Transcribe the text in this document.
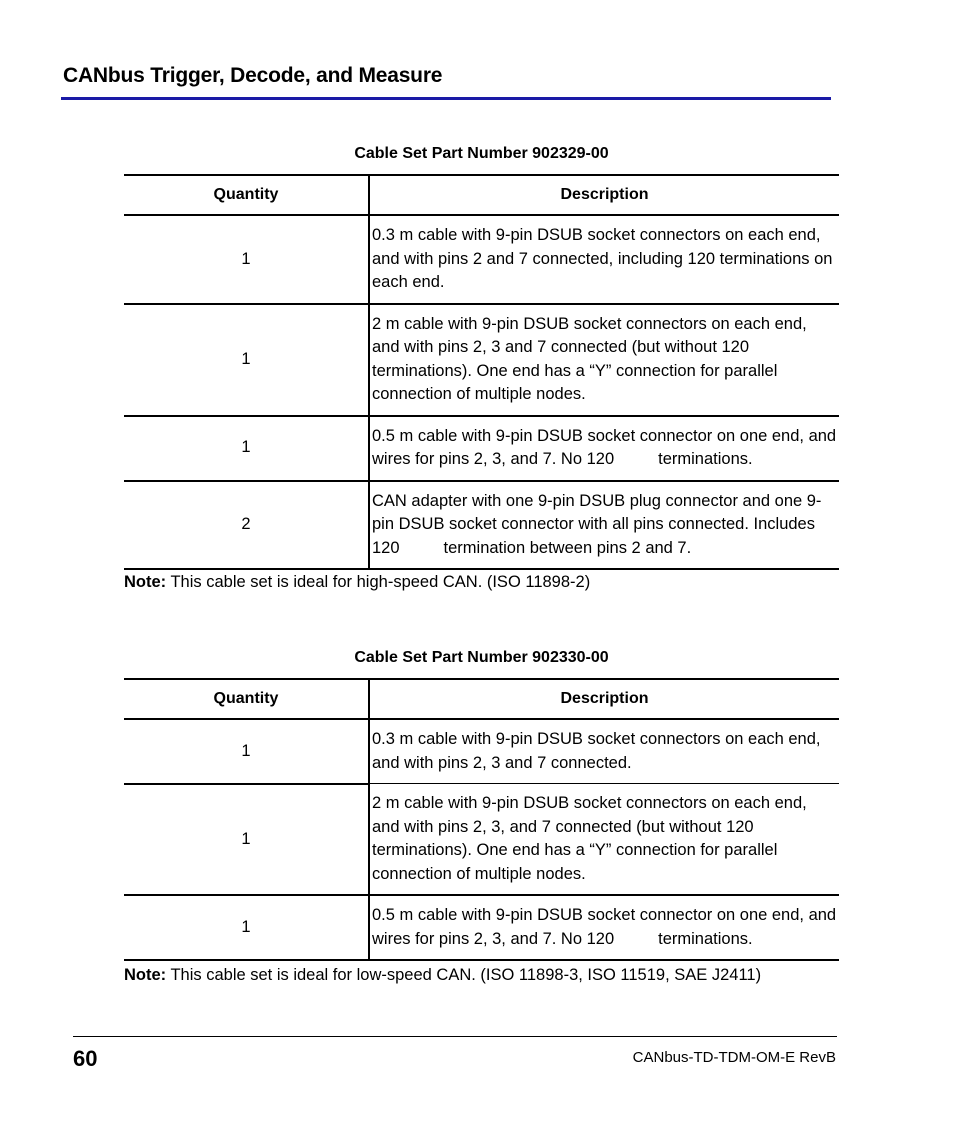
CANbus Trigger, Decode, and Measure
Cable Set Part Number 902329-00
Quantity	Description
1	0.3 m cable with 9-pin DSUB socket connectors on each end, and with pins 2 and 7 connected, including 120 terminations on each end.
1	2 m cable with 9-pin DSUB socket connectors on each end, and with pins 2, 3 and 7 connected (but without 120 terminations). One end has a “Y” connection for parallel connection of multiple nodes.
1	0.5 m cable with 9-pin DSUB socket connector on one end, and wires for pins 2, 3, and 7. No 120 terminations.
2	CAN adapter with one 9-pin DSUB plug connector and one 9-pin DSUB socket connector with all pins connected. Includes 120 termination between pins 2 and 7.
Note: This cable set is ideal for high-speed CAN. (ISO 11898-2)
Cable Set Part Number 902330-00
Quantity	Description
1	0.3 m cable with 9-pin DSUB socket connectors on each end, and with pins 2, 3 and 7 connected.
1	2 m cable with 9-pin DSUB socket connectors on each end, and with pins 2, 3, and 7 connected (but without 120 terminations). One end has a “Y” connection for parallel connection of multiple nodes.
1	0.5 m cable with 9-pin DSUB socket connector on one end, and wires for pins 2, 3, and 7. No 120 terminations.
Note: This cable set is ideal for low-speed CAN. (ISO 11898-3, ISO 11519, SAE J2411)
60	CANbus-TD-TDM-OM-E RevB
